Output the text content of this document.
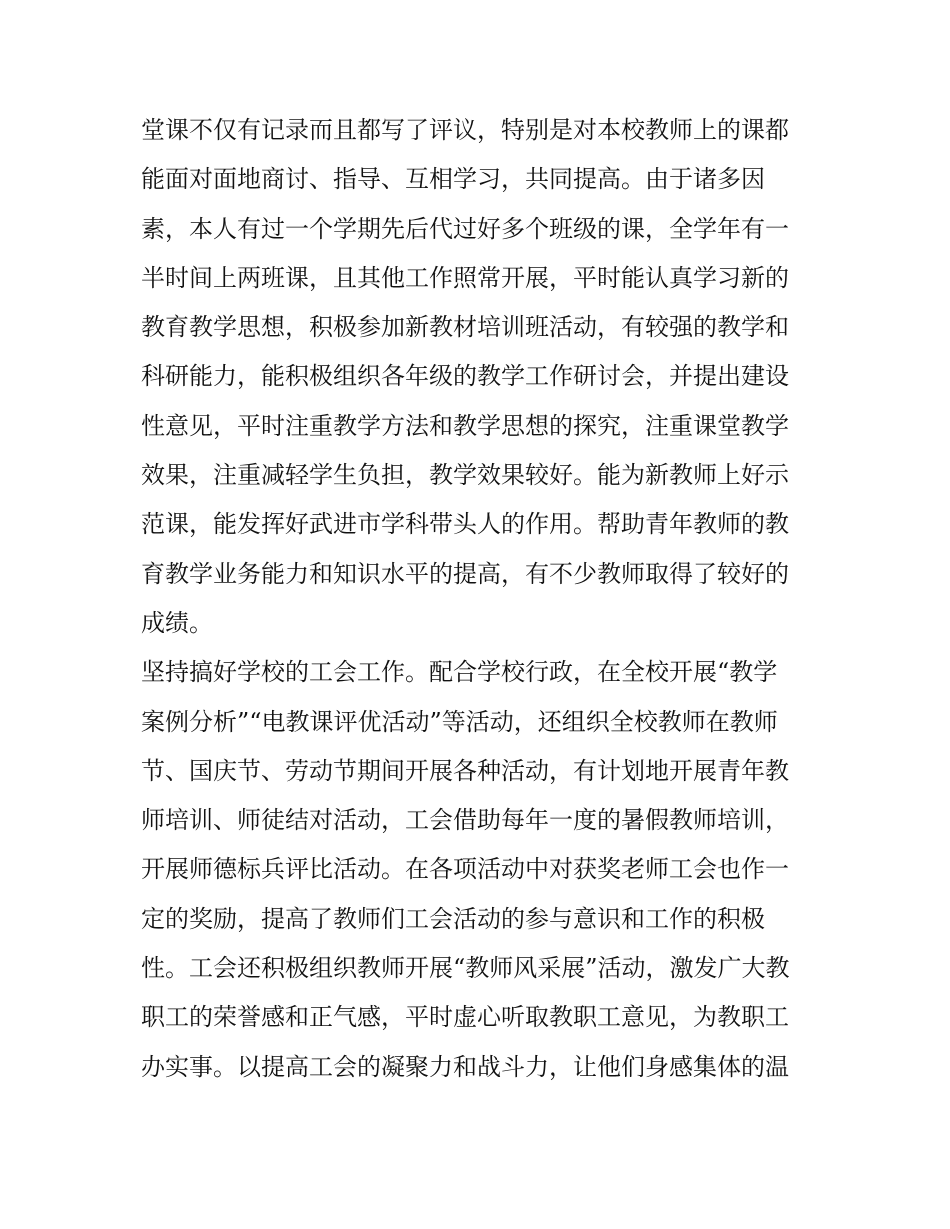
堂课不仅有记录而且都写了评议，特别是对本校教师上的课都
能面对面地商讨、指导、互相学习，共同提高。由于诸多因
素，本人有过一个学期先后代过好多个班级的课，全学年有一
半时间上两班课，且其他工作照常开展，平时能认真学习新的
教育教学思想，积极参加新教材培训班活动，有较强的教学和
科研能力，能积极组织各年级的教学工作研讨会，并提出建设
性意见，平时注重教学方法和教学思想的探究，注重课堂教学
效果，注重减轻学生负担，教学效果较好。能为新教师上好示
范课，能发挥好武进市学科带头人的作用。帮助青年教师的教
育教学业务能力和知识水平的提高，有不少教师取得了较好的
成绩。
坚持搞好学校的工会工作。配合学校行政，在全校开展“教学
案例分析”“电教课评优活动”等活动，还组织全校教师在教师
节、国庆节、劳动节期间开展各种活动，有计划地开展青年教
师培训、师徒结对活动，工会借助每年一度的暑假教师培训，
开展师德标兵评比活动。在各项活动中对获奖老师工会也作一
定的奖励，提高了教师们工会活动的参与意识和工作的积极
性。工会还积极组织教师开展“教师风采展”活动，激发广大教
职工的荣誉感和正气感，平时虚心听取教职工意见，为教职工
办实事。以提高工会的凝聚力和战斗力，让他们身感集体的温
